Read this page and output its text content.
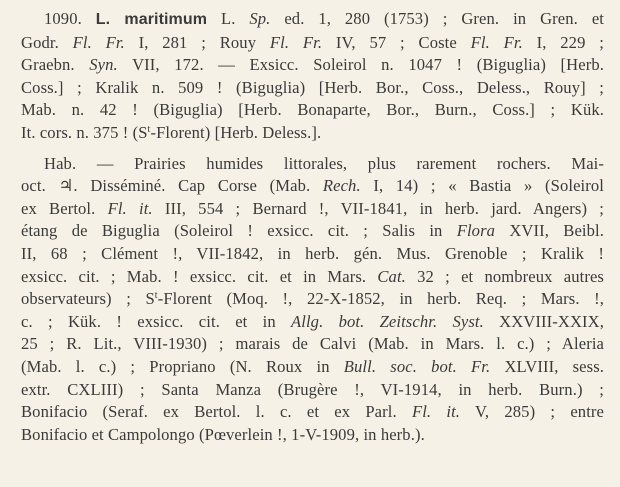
1090. L. maritimum L. Sp. ed. 1, 280 (1753) ; Gren. in Gren. et
Godr. Fl. Fr. I, 281 ; Rouy Fl. Fr. IV, 57 ; Coste Fl. Fr. I, 229 ;
Graebn. Syn. VII, 172. — Exsicc. Soleirol n. 1047 ! (Biguglia) [Herb.
Coss.] ; Kralik n. 509 ! (Biguglia) [Herb. Bor., Coss., Deless., Rouy] ;
Mab. n. 42 ! (Biguglia) [Herb. Bonaparte, Bor., Burn., Coss.] ; Kük.
It. cors. n. 375 ! $(S^t-Florent)$ [Herb. Deless.].
Hab. — Prairies humides littorales, plus rarement rochers. Mai-
oct. ♃. Disséminé. Cap Corse (Mab. Rech. I, 14) ; « Bastia » (Soleirol
ex Bertol. Fl. it. III, 554 ; Bernard !, VII-1841, in herb. jard. Angers) ;
étang de Biguglia (Soleirol ! exsicc. cit. ; Salis in Flora XVII, Beibl.
II, 68 ; Clément !, VII-1842, in herb. gén. Mus. Grenoble ; Kralik !
exsicc. cit. ; Mab. ! exsicc. cit. et in Mars. Cat. 32 ; et nombreux autres
observateurs) ; $S^t$-Florent (Moq. !, 22-X-1852, in herb. Req. ; Mars. !,
c. ; Kük. ! exsicc. cit. et in Allg. bot. Zeitschr. Syst. XXVIII-XXIX,
25 ; R. Lit., VIII-1930) ; marais de Calvi (Mab. in Mars. l. c.) ; Aleria
(Mab. l. c.) ; Propriano (N. Roux in Bull. soc. bot. Fr. XLVIII, sess.
extr. CXLIII) ; Santa Manza (Brugère !, VI-1914, in herb. Burn.) ;
Bonifacio (Seraf. ex Bertol. l. c. et ex Parl. Fl. it. V, 285) ; entre
Bonifacio et Campolongo (Pœverlein !, 1-V-1909, in herb.).
